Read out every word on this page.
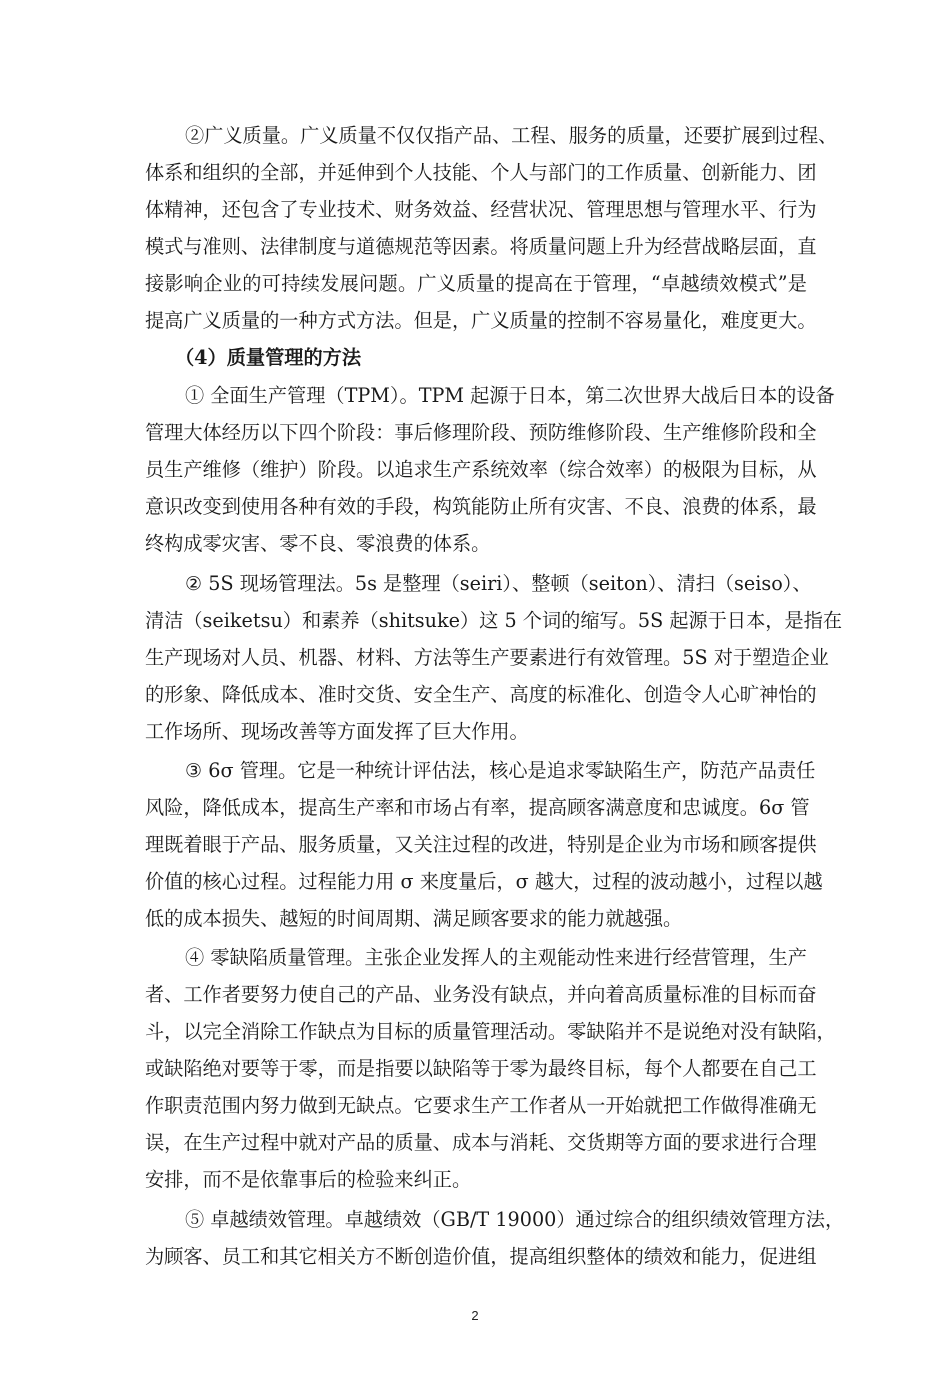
②广义质量。广义质量不仅仅指产品、工程、服务的质量，还要扩展到过程、
体系和组织的全部，并延伸到个人技能、个人与部门的工作质量、创新能力、团
体精神，还包含了专业技术、财务效益、经营状况、管理思想与管理水平、行为
模式与准则、法律制度与道德规范等因素。将质量问题上升为经营战略层面，直
接影响企业的可持续发展问题。广义质量的提高在于管理，“卓越绩效模式”是
提高广义质量的一种方式方法。但是，广义质量的控制不容易量化，难度更大。
（4）质量管理的方法
① 全面生产管理（TPM）。TPM 起源于日本，第二次世界大战后日本的设备
管理大体经历以下四个阶段：事后修理阶段、预防维修阶段、生产维修阶段和全
员生产维修（维护）阶段。以追求生产系统效率（综合效率）的极限为目标，从
意识改变到使用各种有效的手段，构筑能防止所有灾害、不良、浪费的体系，最
终构成零灾害、零不良、零浪费的体系。
② 5S 现场管理法。5s 是整理（seiri）、整顿（seiton）、清扫（seiso）、
清洁（seiketsu）和素养（shitsuke）这 5 个词的缩写。5S 起源于日本，是指在
生产现场对人员、机器、材料、方法等生产要素进行有效管理。5S 对于塑造企业
的形象、降低成本、准时交货、安全生产、高度的标准化、创造令人心旷神怡的
工作场所、现场改善等方面发挥了巨大作用。
③ 6σ 管理。它是一种统计评估法，核心是追求零缺陷生产，防范产品责任
风险，降低成本，提高生产率和市场占有率，提高顾客满意度和忠诚度。6σ 管
理既着眼于产品、服务质量，又关注过程的改进，特别是企业为市场和顾客提供
价值的核心过程。过程能力用 σ 来度量后，σ 越大，过程的波动越小，过程以越
低的成本损失、越短的时间周期、满足顾客要求的能力就越强。
④ 零缺陷质量管理。主张企业发挥人的主观能动性来进行经营管理，生产
者、工作者要努力使自己的产品、业务没有缺点，并向着高质量标准的目标而奋
斗，以完全消除工作缺点为目标的质量管理活动。零缺陷并不是说绝对没有缺陷，
或缺陷绝对要等于零，而是指要以缺陷等于零为最终目标，每个人都要在自己工
作职责范围内努力做到无缺点。它要求生产工作者从一开始就把工作做得准确无
误，在生产过程中就对产品的质量、成本与消耗、交货期等方面的要求进行合理
安排，而不是依靠事后的检验来纠正。
⑤ 卓越绩效管理。卓越绩效（GB/T 19000）通过综合的组织绩效管理方法，
为顾客、员工和其它相关方不断创造价值，提高组织整体的绩效和能力，促进组
2
